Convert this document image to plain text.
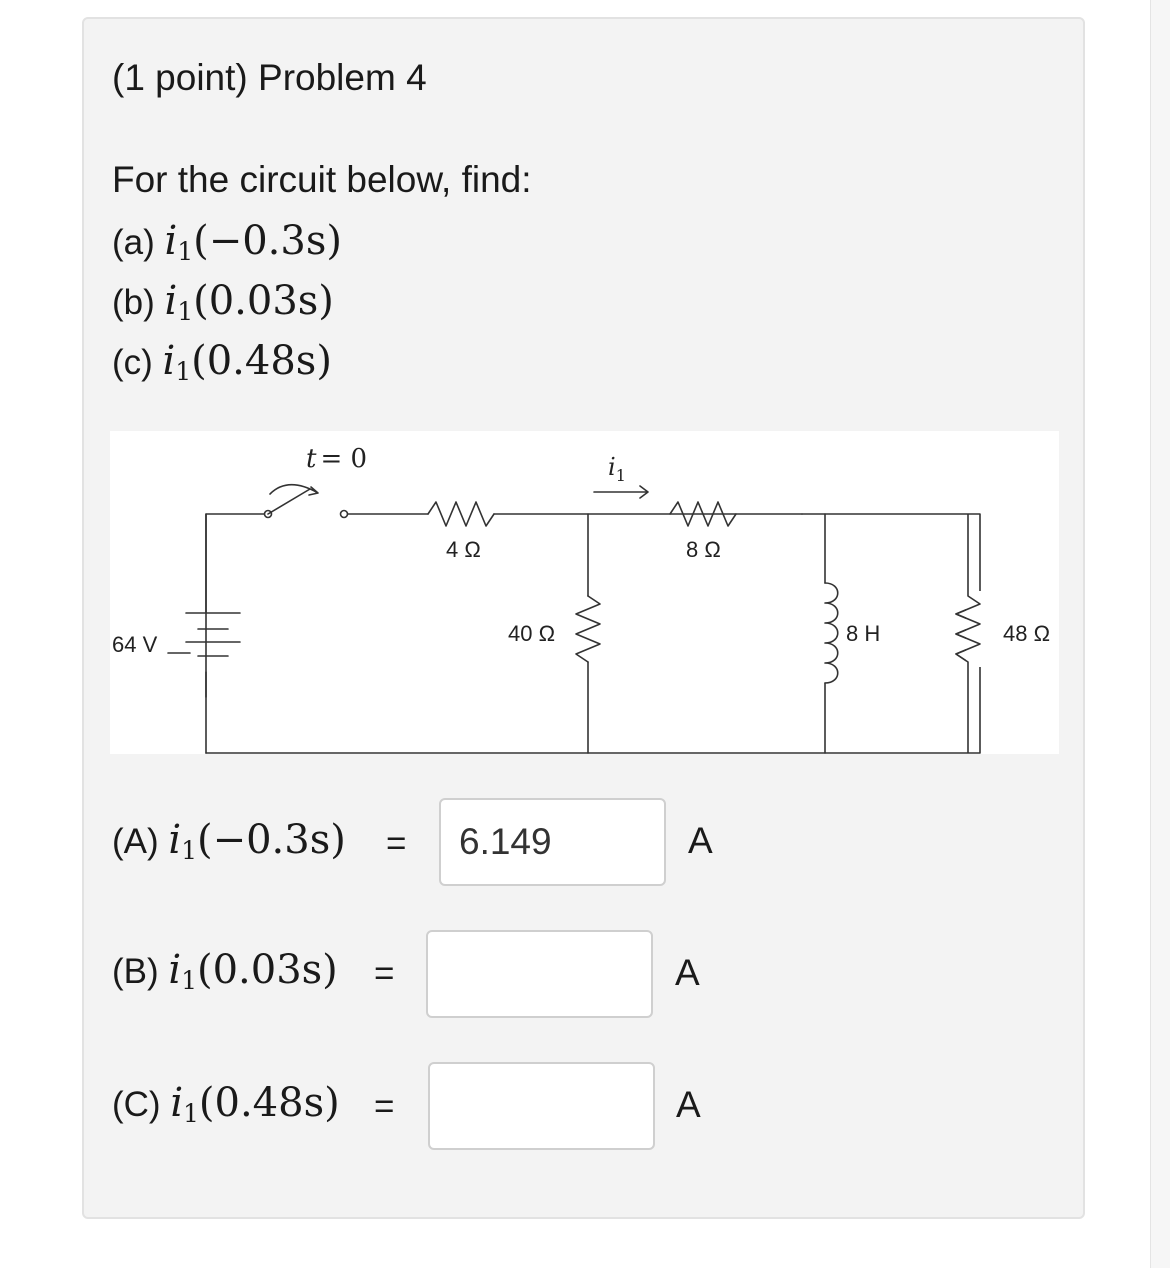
(1 point) Problem 4
For the circuit below, find:
(a) $i_1(-0.3s)$
(b) $i_1(0.03s)$
(c) $i_1(0.48s)$
t = 0	$i_1$
64 V
4 Ω	8 Ω
40 Ω	8 H	48 Ω
(A) $i_1(-0.3s)$ =
6.149	A
(B) $i_1(0.03s)$ =	A
(C) $i_1(0.48s)$ =	A
